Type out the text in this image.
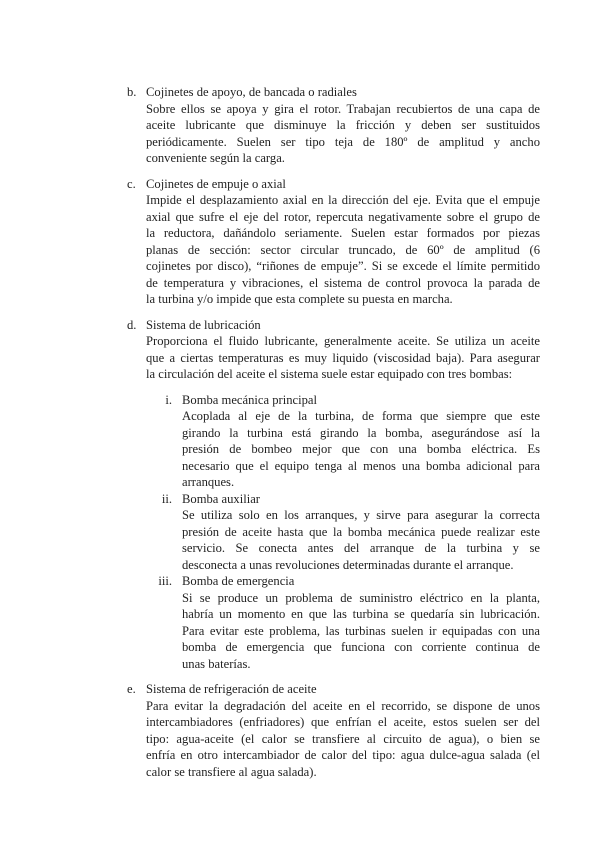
b. Cojinetes de apoyo, de bancada o radiales
Sobre ellos se apoya y gira el rotor. Trabajan recubiertos de una capa de
aceite lubricante que disminuye la fricción y deben ser sustituidos
periódicamente. Suelen ser tipo teja de 180º de amplitud y ancho
conveniente según la carga.
c. Cojinetes de empuje o axial
Impide el desplazamiento axial en la dirección del eje. Evita que el empuje
axial que sufre el eje del rotor, repercuta negativamente sobre el grupo de
la reductora, dañándolo seriamente. Suelen estar formados por piezas
planas de sección: sector circular truncado, de 60º de amplitud (6
cojinetes por disco), “riñones de empuje”. Si se excede el límite permitido
de temperatura y vibraciones, el sistema de control provoca la parada de
la turbina y/o impide que esta complete su puesta en marcha.
d. Sistema de lubricación
Proporciona el fluido lubricante, generalmente aceite. Se utiliza un aceite
que a ciertas temperaturas es muy liquido (viscosidad baja). Para asegurar
la circulación del aceite el sistema suele estar equipado con tres bombas:
i. Bomba mecánica principal
Acoplada al eje de la turbina, de forma que siempre que este
girando la turbina está girando la bomba, asegurándose así la
presión de bombeo mejor que con una bomba eléctrica. Es
necesario que el equipo tenga al menos una bomba adicional para
arranques.
ii. Bomba auxiliar
Se utiliza solo en los arranques, y sirve para asegurar la correcta
presión de aceite hasta que la bomba mecánica puede realizar este
servicio. Se conecta antes del arranque de la turbina y se
desconecta a unas revoluciones determinadas durante el arranque.
iii. Bomba de emergencia
Si se produce un problema de suministro eléctrico en la planta,
habría un momento en que las turbina se quedaría sin lubricación.
Para evitar este problema, las turbinas suelen ir equipadas con una
bomba de emergencia que funciona con corriente continua de
unas baterías.
e. Sistema de refrigeración de aceite
Para evitar la degradación del aceite en el recorrido, se dispone de unos
intercambiadores (enfriadores) que enfrían el aceite, estos suelen ser del
tipo: agua-aceite (el calor se transfiere al circuito de agua), o bien se
enfría en otro intercambiador de calor del tipo: agua dulce-agua salada (el
calor se transfiere al agua salada).
